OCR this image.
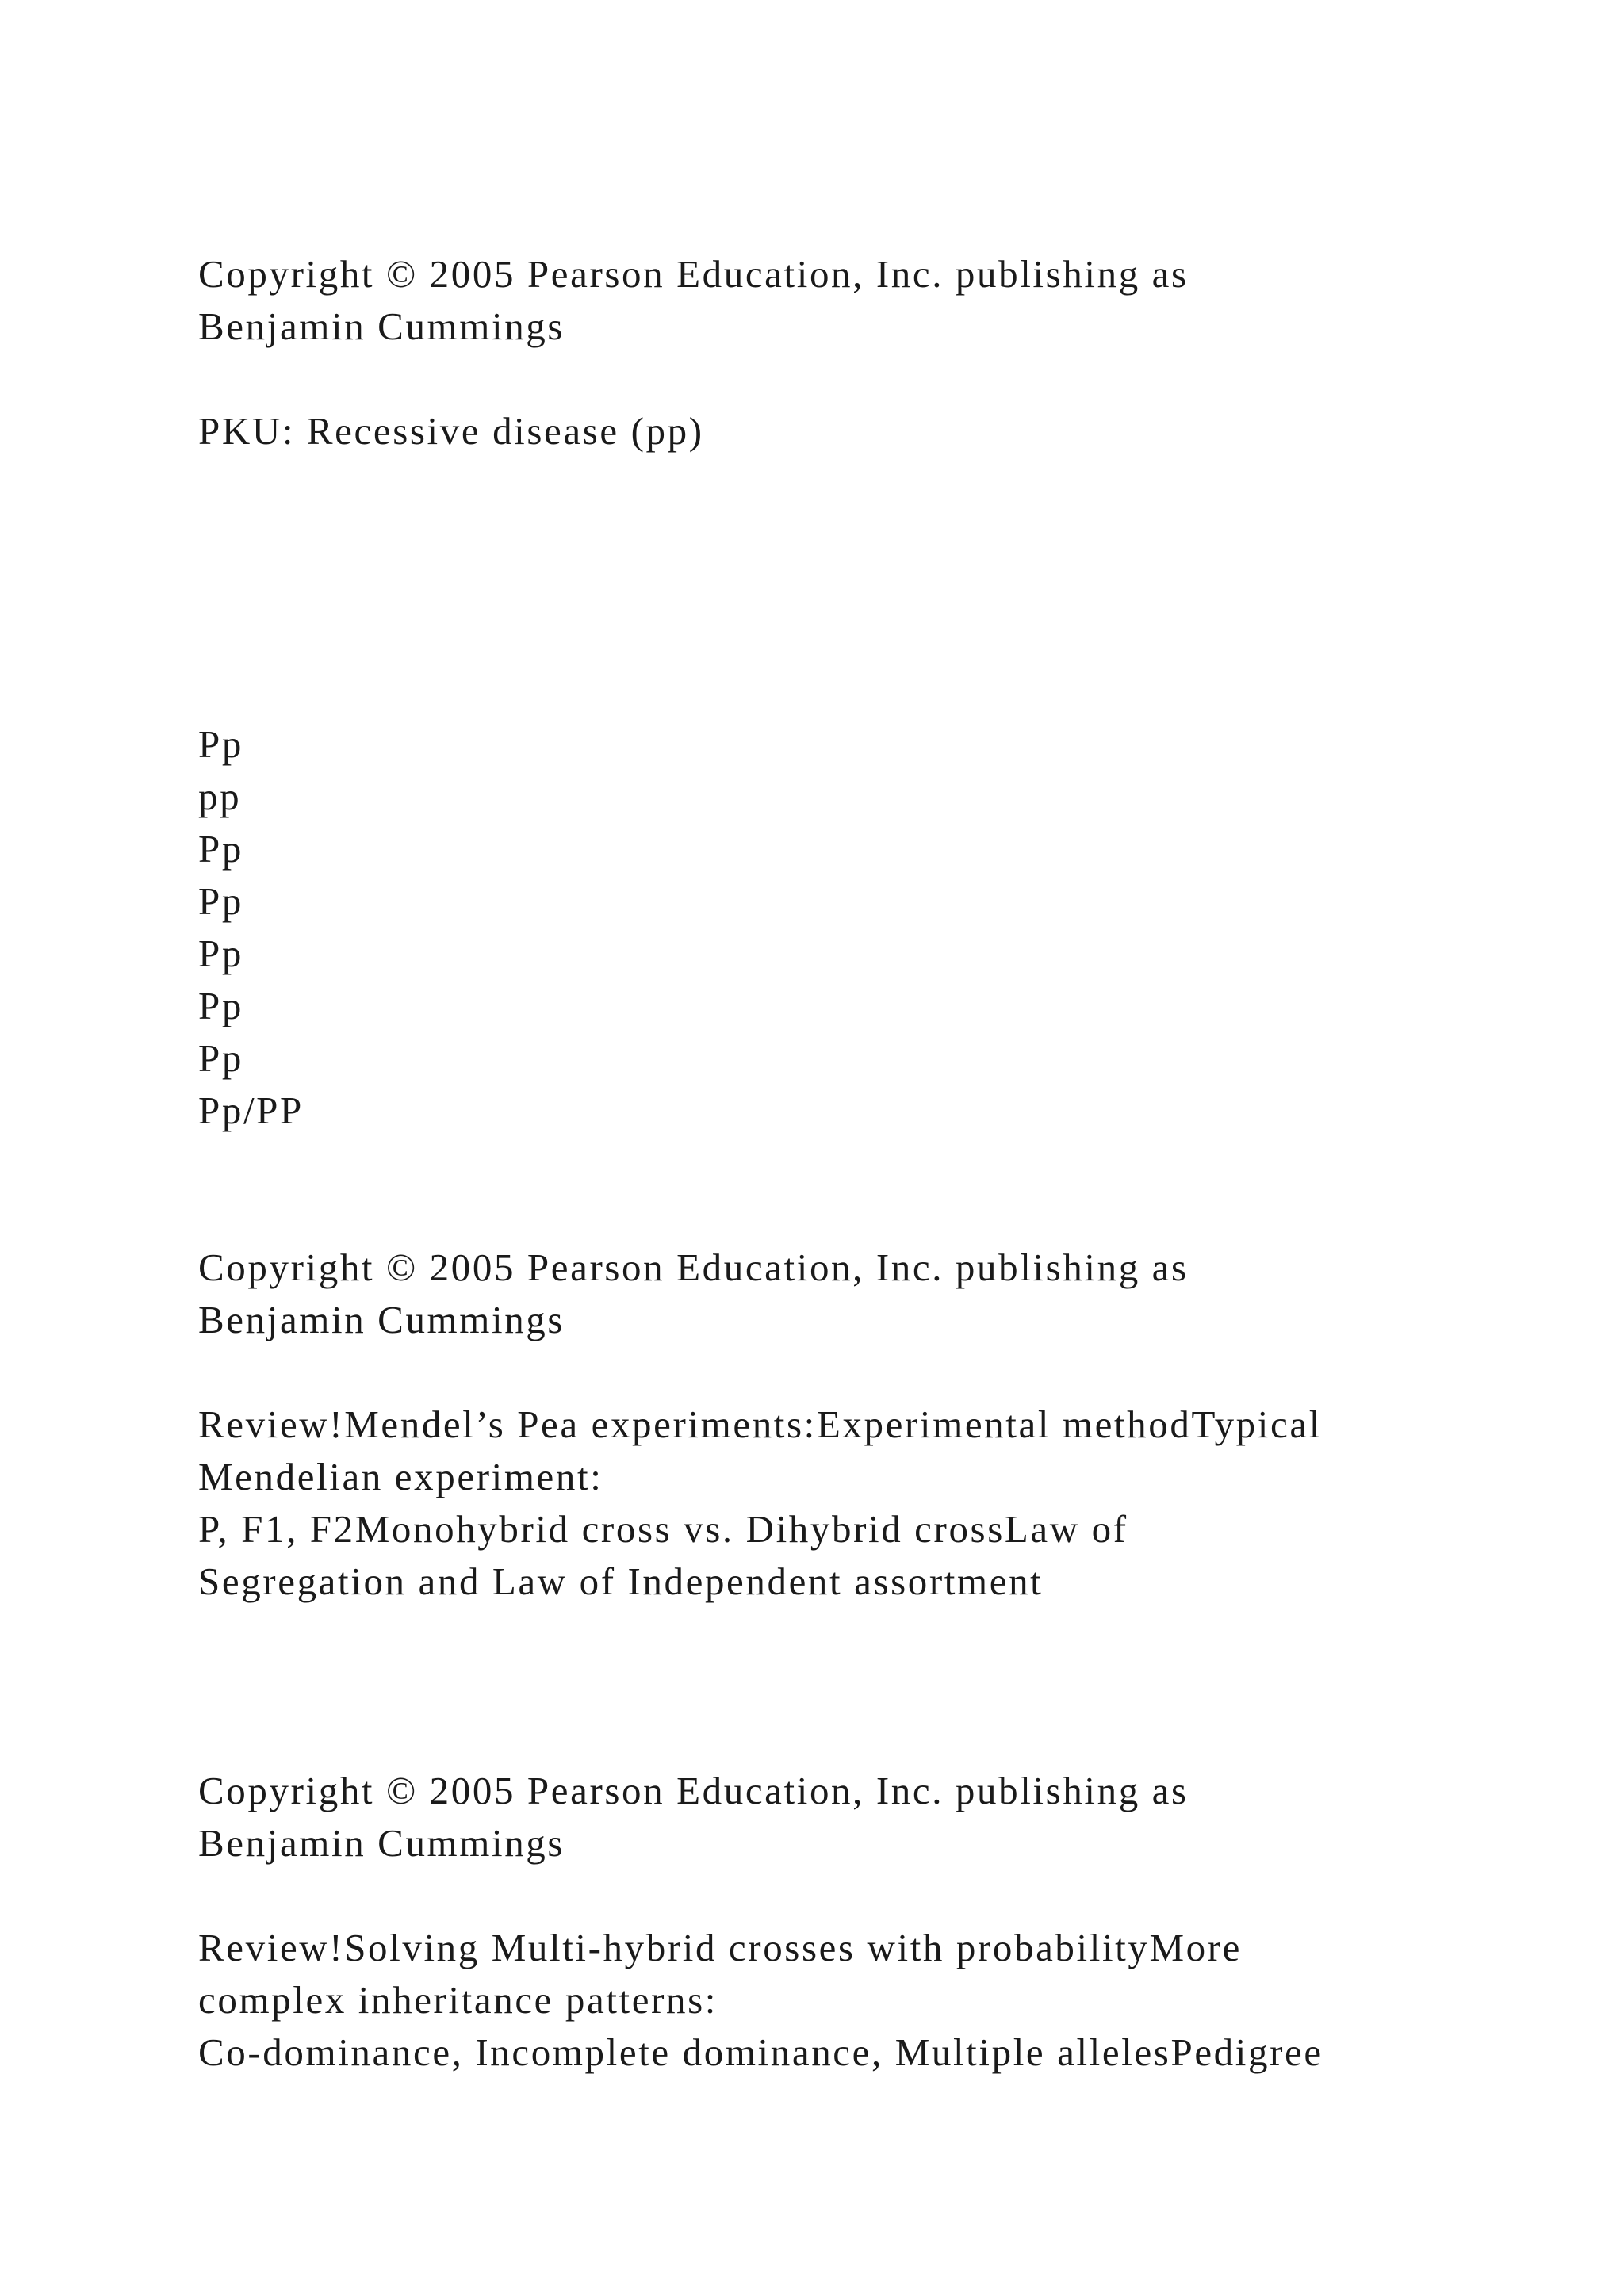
Copyright © 2005 Pearson Education, Inc. publishing as

Benjamin Cummings

PKU: Recessive disease (pp)

Pp

pp

Pp

Pp

Pp

Pp

Pp

Pp/PP

Copyright © 2005 Pearson Education, Inc. publishing as

Benjamin Cummings

Review!Mendel’s Pea experiments:Experimental methodTypical

Mendelian experiment:

P, F1, F2Monohybrid cross vs. Dihybrid crossLaw of

Segregation and Law of Independent assortment

Copyright © 2005 Pearson Education, Inc. publishing as

Benjamin Cummings

Review!Solving Multi-hybrid crosses with probabilityMore

complex inheritance patterns:

Co-dominance, Incomplete dominance, Multiple allelesPedigree
